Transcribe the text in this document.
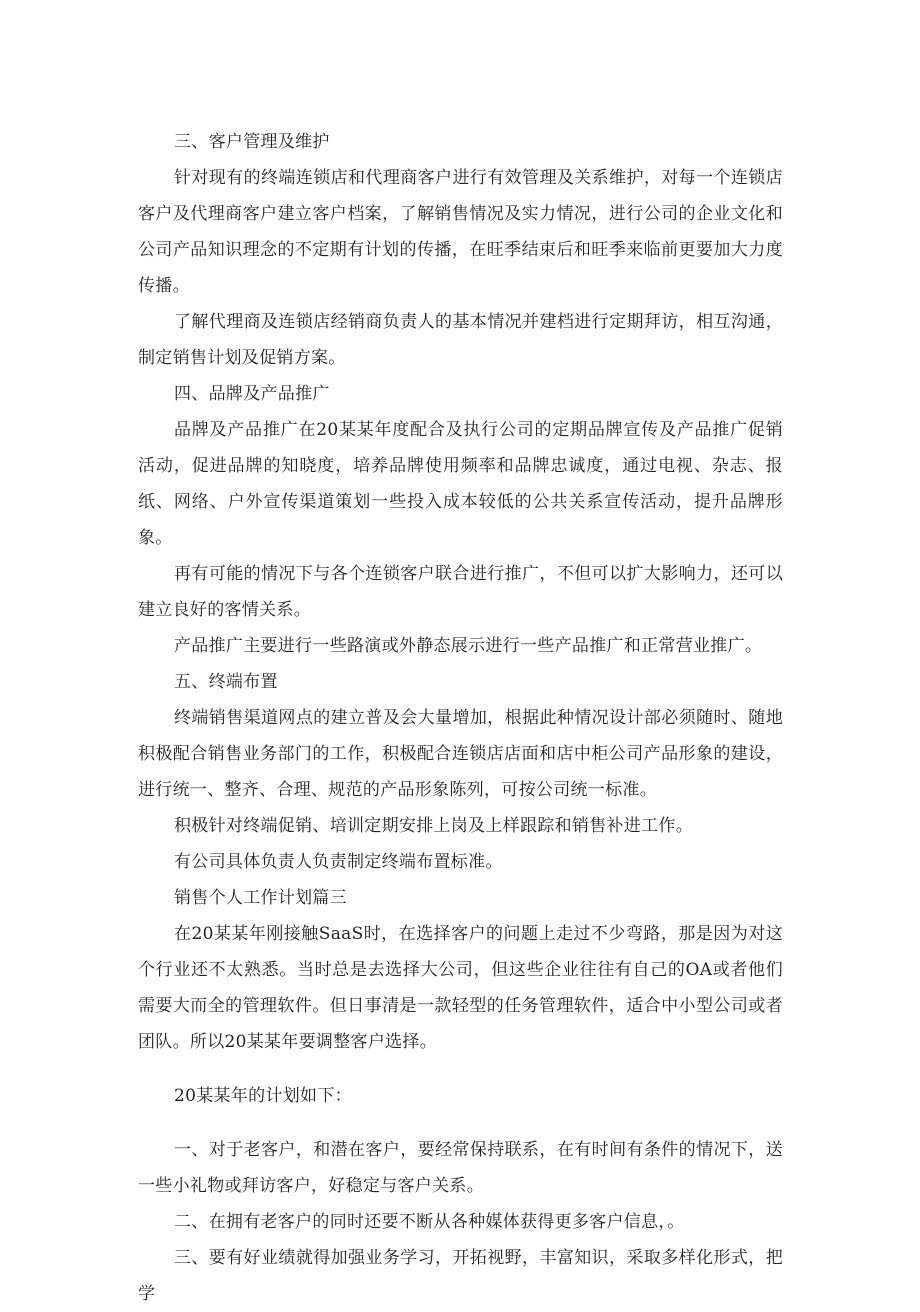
三、客户管理及维护

针对现有的终端连锁店和代理商客户进行有效管理及关系维护，对每一个连锁店客户及代理商客户建立客户档案，了解销售情况及实力情况，进行公司的企业文化和公司产品知识理念的不定期有计划的传播，在旺季结束后和旺季来临前更要加大力度传播。

了解代理商及连锁店经销商负责人的基本情况并建档进行定期拜访，相互沟通，制定销售计划及促销方案。

四、品牌及产品推广

品牌及产品推广在20某某年度配合及执行公司的定期品牌宣传及产品推广促销活动，促进品牌的知晓度，培养品牌使用频率和品牌忠诚度，通过电视、杂志、报纸、网络、户外宣传渠道策划一些投入成本较低的公共关系宣传活动，提升品牌形象。

再有可能的情况下与各个连锁客户联合进行推广，不但可以扩大影响力，还可以建立良好的客情关系。

产品推广主要进行一些路演或外静态展示进行一些产品推广和正常营业推广。

五、终端布置

终端销售渠道网点的建立普及会大量增加，根据此种情况设计部必须随时、随地积极配合销售业务部门的工作，积极配合连锁店店面和店中柜公司产品形象的建设，进行统一、整齐、合理、规范的产品形象陈列，可按公司统一标准。

积极针对终端促销、培训定期安排上岗及上样跟踪和销售补进工作。

有公司具体负责人负责制定终端布置标准。

销售个人工作计划篇三

在20某某年刚接触SaaS时，在选择客户的问题上走过不少弯路，那是因为对这个行业还不太熟悉。当时总是去选择大公司，但这些企业往往有自己的OA或者他们需要大而全的管理软件。但日事清是一款轻型的任务管理软件，适合中小型公司或者团队。所以20某某年要调整客户选择。

20某某年的计划如下：

一、对于老客户，和潜在客户，要经常保持联系，在有时间有条件的情况下，送一些小礼物或拜访客户，好稳定与客户关系。

二、在拥有老客户的同时还要不断从各种媒体获得更多客户信息，。

三、要有好业绩就得加强业务学习，开拓视野，丰富知识，采取多样化形式，把学
